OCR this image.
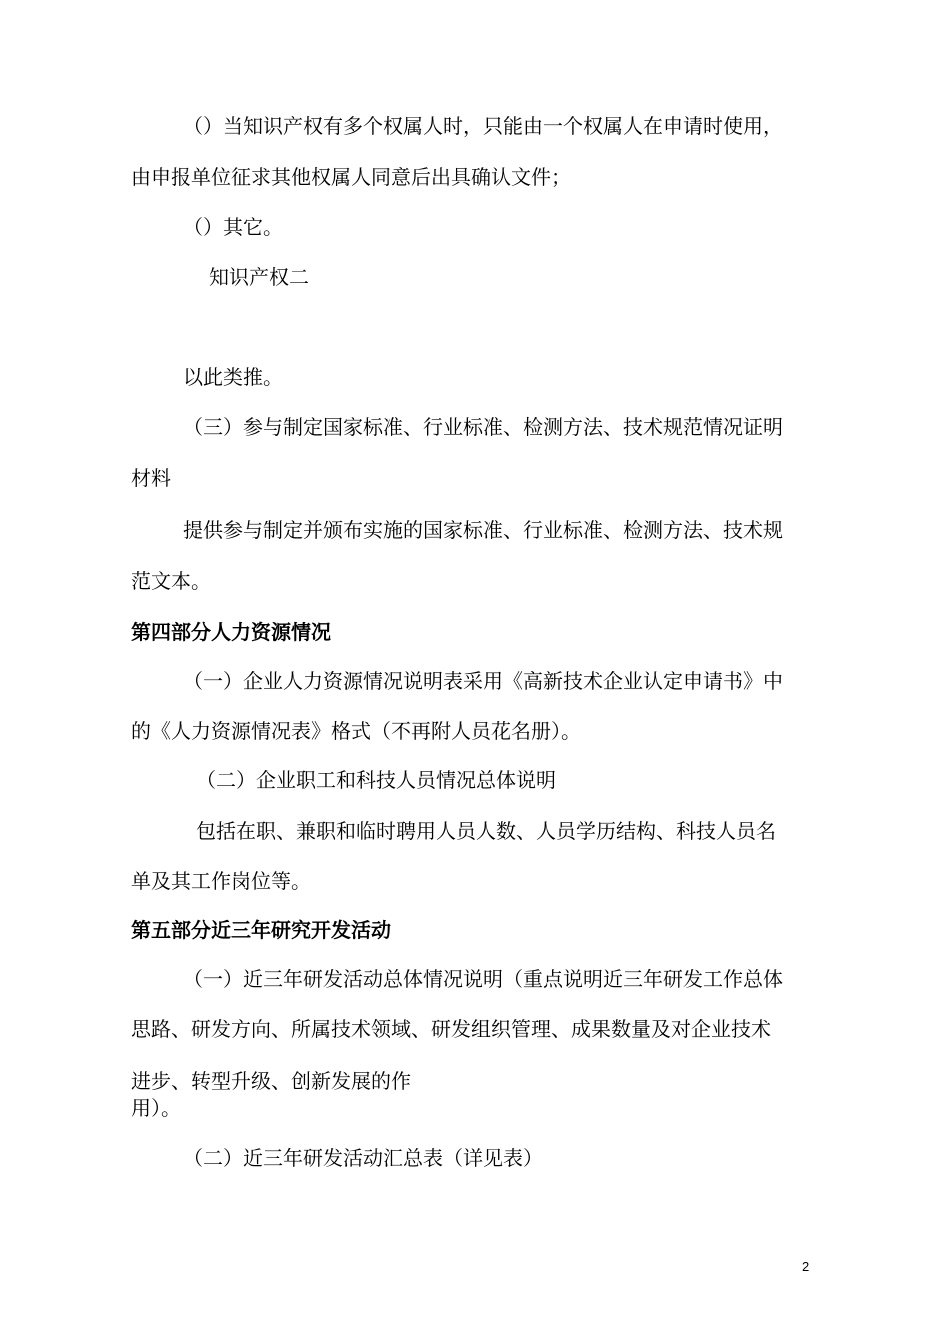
（）当知识产权有多个权属人时，只能由一个权属人在申请时使用，
由申报单位征求其他权属人同意后出具确认文件；
（）其它。
知识产权二
以此类推。
（三）参与制定国家标准、行业标准、检测方法、技术规范情况证明
材料
提供参与制定并颁布实施的国家标准、行业标准、检测方法、技术规
范文本。
第四部分人力资源情况
（一）企业人力资源情况说明表采用《高新技术企业认定申请书》中
的《人力资源情况表》格式（不再附人员花名册）。
（二）企业职工和科技人员情况总体说明
包括在职、兼职和临时聘用人员人数、人员学历结构、科技人员名
单及其工作岗位等。
第五部分近三年研究开发活动
（一）近三年研发活动总体情况说明（重点说明近三年研发工作总体
思路、研发方向、所属技术领域、研发组织管理、成果数量及对企业技术
进步、转型升级、创新发展的作
用）。
（二）近三年研发活动汇总表（详见表）
2
